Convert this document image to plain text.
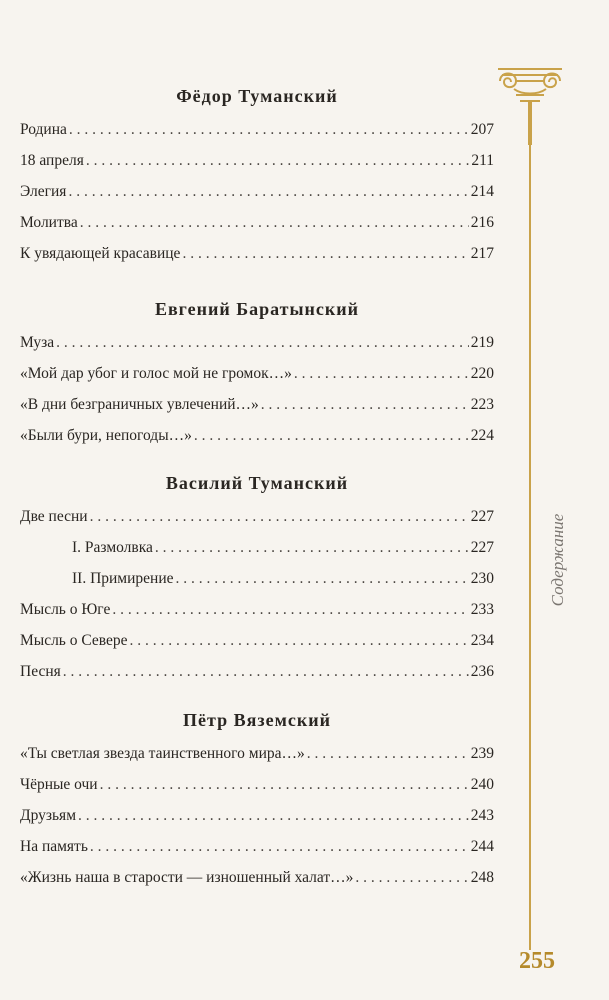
Содержание
255
Фёдор Туманский
Родина . . .	207
18 апреля . . .	211
Элегия . . .	214
Молитва . . .	216
К увядающей красавице . . .	217
Евгений Баратынский
Муза . . .	219
«Мой дар убог и голос мой не громок…» . . .	220
«В дни безграничных увлечений…» . . .	223
«Были бури, непогоды…» . . .	224
Василий Туманский
Две песни . . .	227
I. Размолвка . . .	227
II. Примирение . . .	230
Мысль о Юге . . .	233
Мысль о Севере . . .	234
Песня . . .	236
Пётр Вяземский
«Ты светлая звезда таинственного мира…» . . .	239
Чёрные очи . . .	240
Друзьям . . .	243
На память . . .	244
«Жизнь наша в старости — изношенный халат…» . . .	248
